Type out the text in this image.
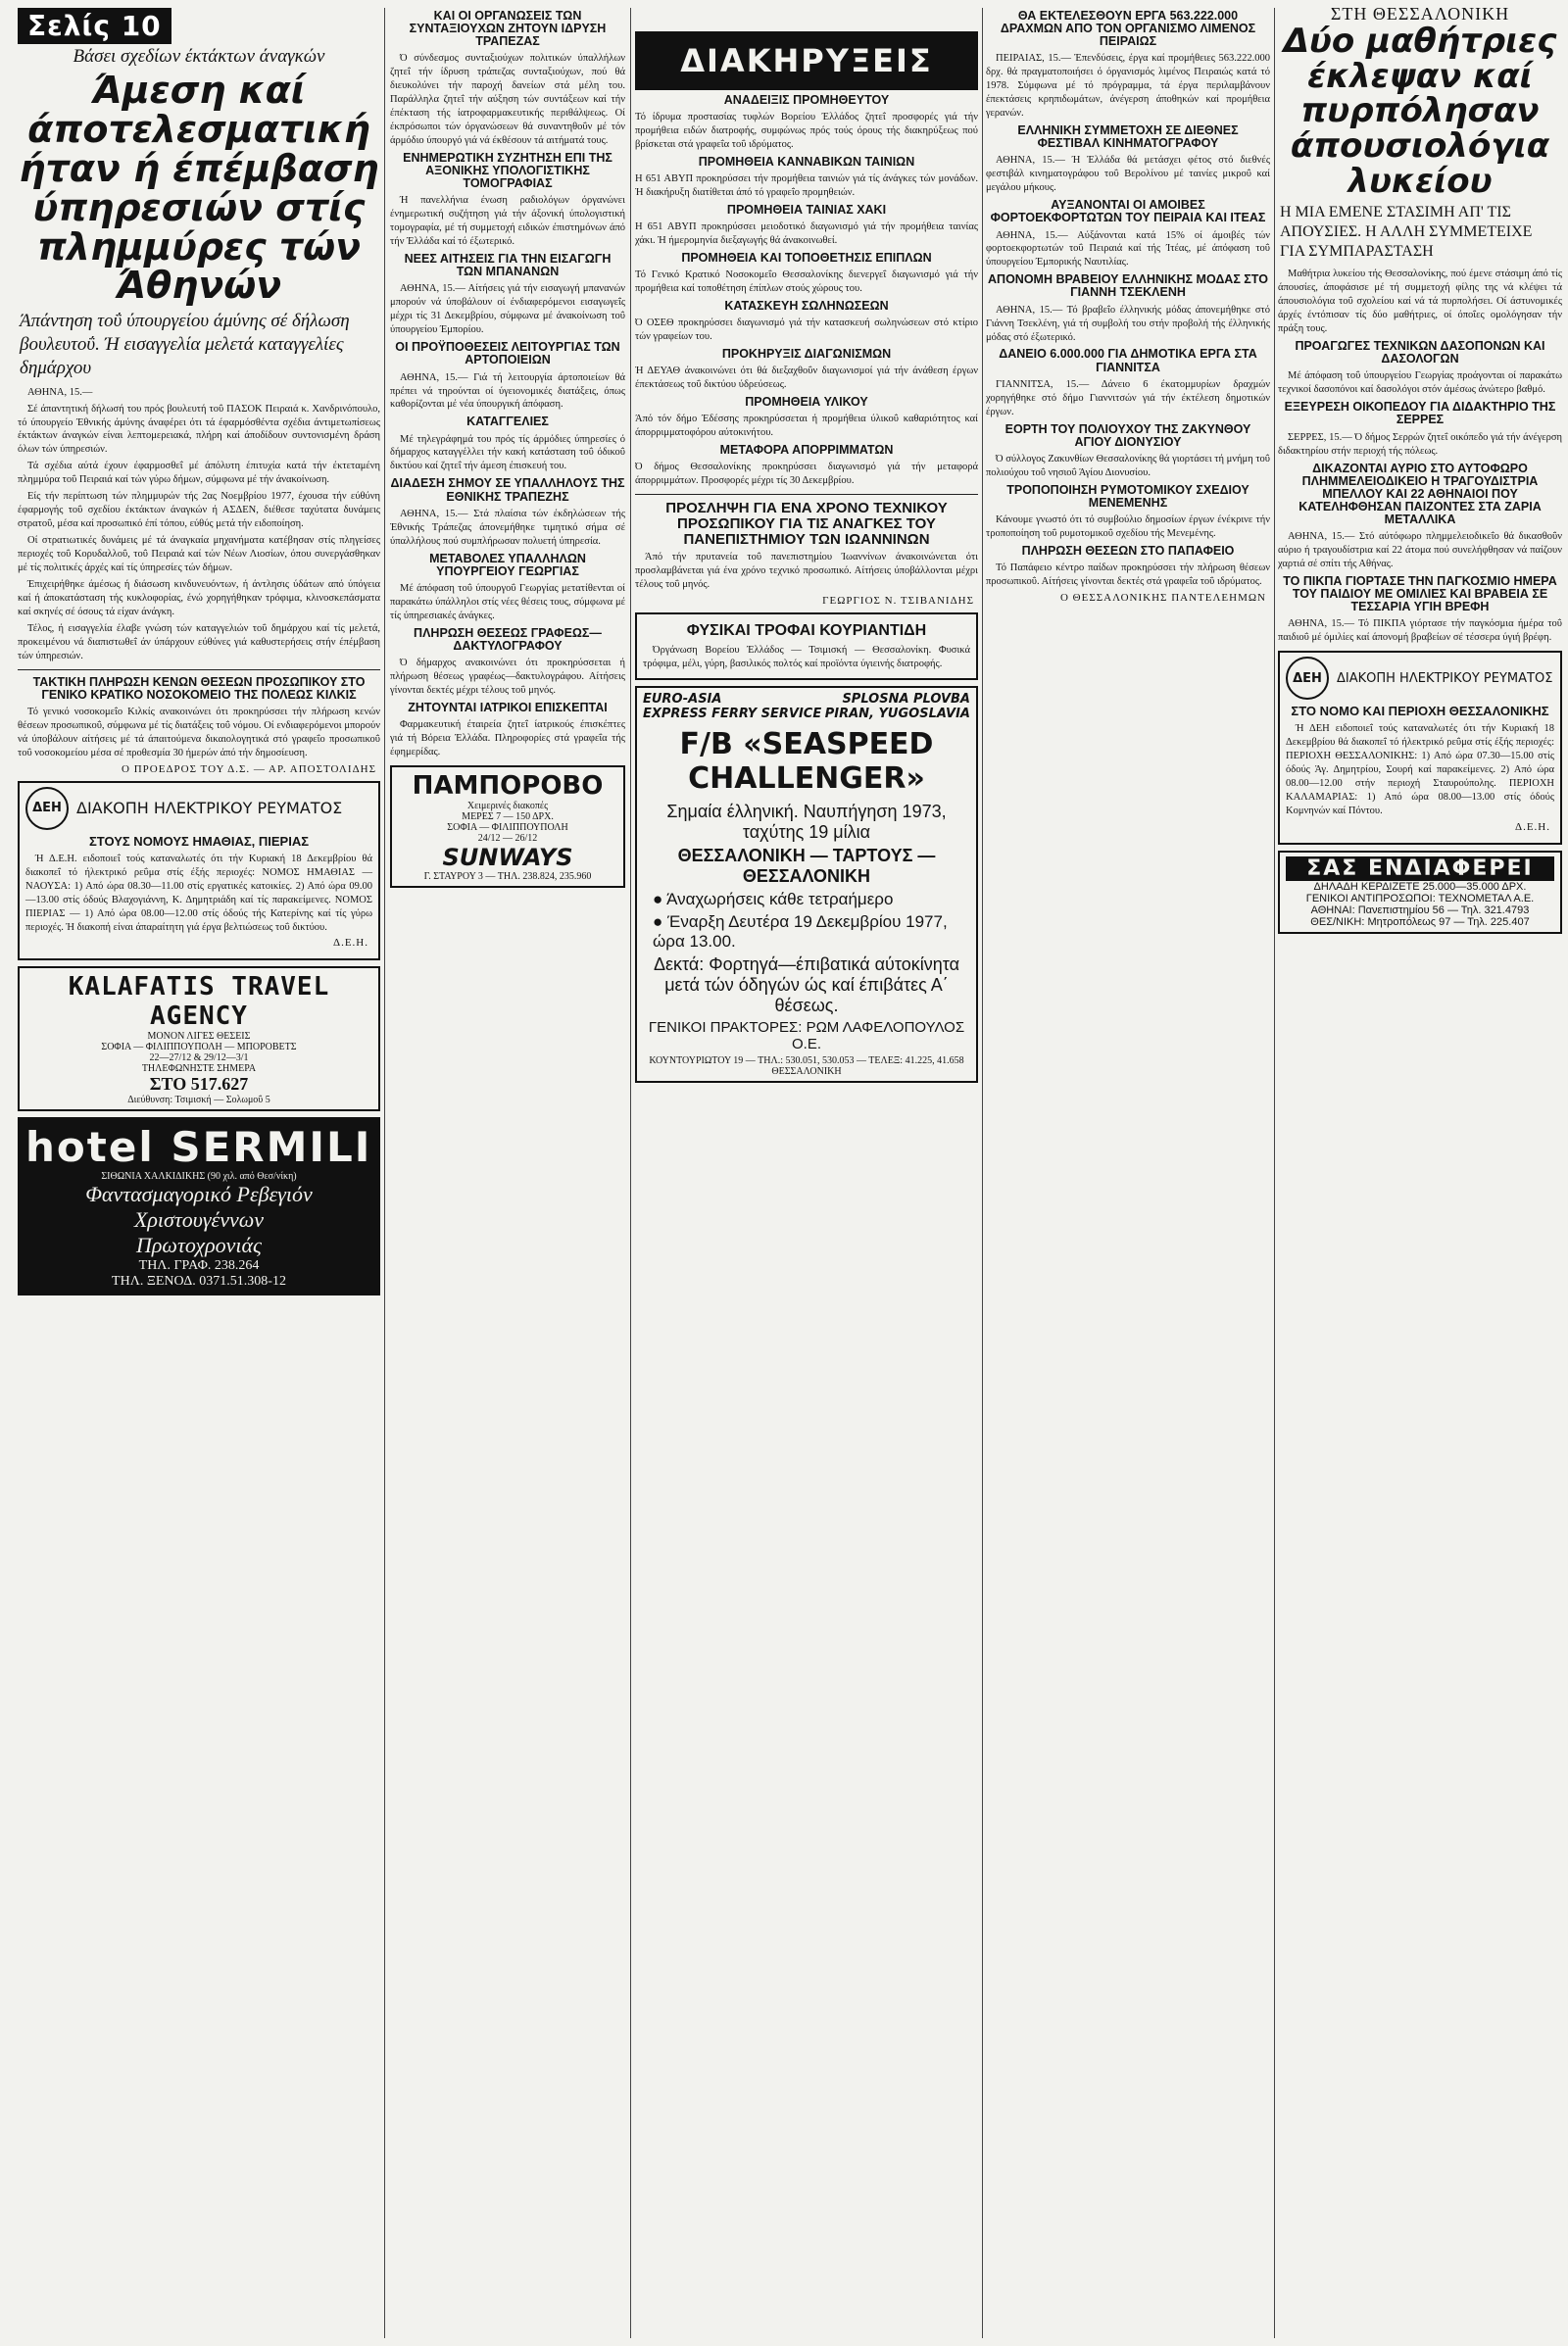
Σελίς 10
Βάσει σχεδίων έκτάκτων άναγκών
Άμεση καί άποτελεσματική ήταν ή έπέμβαση ύπηρεσιών στίς πλημμύρες τών Άθηνών
Άπάντηση τοΰ ύπουργείου άμύνης σέ δήλωση βουλευτοΰ. Ή εισαγγελία μελετά καταγγελίες δημάρχου

ΑΘΗΝΑ, 15.—

Σέ άπαντητική δήλωσή του πρός βουλευτή τοΰ ΠΑΣΟΚ Πειραιά κ. Χανδρινόπουλο, τό ύπουργείο Έθνικής άμύνης άναφέρει ότι τά έφαρμόσθέντα σχέδια άντιμετωπίσεως έκτάκτων άναγκών είναι λεπτομερειακά, πλήρη καί άποδίδουν συντονισμένη δράση όλων τών ύπηρεσιών.

Τά σχέδια αύτά έχουν έφαρμοσθεΐ μέ άπόλυτη έπιτυχία κατά τήν έκτεταμένη πλημμύρα τοΰ Πειραιά καί τών γύρω δήμων, σύμφωνα μέ τήν άνακοίνωση.

Είς τήν περίπτωση τών πλημμυρών τής 2ας Νοεμβρίου 1977, έχουσα τήν εύθύνη έφαρμογής τοΰ σχεδίου έκτάκτων άναγκών ή ΑΣΔΕΝ, διέθεσε ταχύτατα δυνάμεις στρατοΰ, μέσα καί προσωπικό έπί τόπου, εύθύς μετά τήν ειδοποίηση.

Οί στρατιωτικές δυνάμεις μέ τά άναγκαία μηχανήματα κατέβησαν στίς πληγείσες περιοχές τοΰ Κορυδαλλοΰ, τοΰ Πειραιά καί τών Νέων Λιοσίων, όπου συνεργάσθηκαν μέ τίς πολιτικές άρχές καί τίς ύπηρεσίες τών δήμων.

Έπιχειρήθηκε άμέσως ή διάσωση κινδυνευόντων, ή άντλησις ύδάτων από ύπόγεια καί ή άποκατάσταση τής κυκλοφορίας, ένώ χορηγήθηκαν τρόφιμα, κλινοσκεπάσματα καί σκηνές σέ όσους τά είχαν άνάγκη.

Τέλος, ή εισαγγελία έλαβε γνώση τών καταγγελιών τοΰ δημάρχου καί τίς μελετά, προκειμένου νά διαπιστωθεΐ άν ύπάρχουν εύθύνες γιά καθυστερήσεις στήν έπέμβαση τών ύπηρεσιών.

ΤΑΚΤΙΚΗ ΠΛΗΡΩΣΗ ΚΕΝΩΝ ΘΕΣΕΩΝ ΠΡΟΣΩΠΙΚΟΥ ΣΤΟ ΓΕΝΙΚΟ ΚΡΑΤΙΚΟ ΝΟΣΟΚΟΜΕΙΟ ΤΗΣ ΠΟΛΕΩΣ ΚΙΛΚΙΣ

Τό γενικό νοσοκομεΐο Κιλκίς ανακοινώνει ότι προκηρύσσει τήν πλήρωση κενών θέσεων προσωπικοΰ, σύμφωνα μέ τίς διατάξεις τοΰ νόμου. Οί ενδιαφερόμενοι μπορούν νά ύποβάλουν αίτήσεις μέ τά άπαιτούμενα δικαιολογητικά στό γραφεΐο προσωπικοΰ τοΰ νοσοκομείου μέσα σέ προθεσμία 30 ήμερών άπό τήν δημοσίευση.

Ο ΠΡΟΕΔΡΟΣ ΤΟΥ Δ.Σ. — ΑΡ. ΑΠΟΣΤΟΛΙΔΗΣ
ΔΕΗ ΔΙΑΚΟΠΗ ΗΛΕΚΤΡΙΚΟΥ ΡΕΥΜΑΤΟΣ
ΣΤΟΥΣ ΝΟΜΟΥΣ ΗΜΑΘΙΑΣ, ΠΙΕΡΙΑΣ

Ή Δ.Ε.Η. ειδοποιεΐ τούς καταναλωτές ότι τήν Κυριακή 18 Δεκεμβρίου θά διακοπεΐ τό ήλεκτρικό ρεΰμα στίς έξής περιοχές: ΝΟΜΟΣ ΗΜΑΘΙΑΣ — ΝΑΟΥΣΑ: 1) Από ώρα 08.30—11.00 στίς εργατικές κατοικίες. 2) Από ώρα 09.00—13.00 στίς όδούς Βλαχογιάννη, Κ. Δημητριάδη καί τίς παρακείμενες. ΝΟΜΟΣ ΠΙΕΡΙΑΣ — 1) Από ώρα 08.00—12.00 στίς όδούς τής Κατερίνης καί τίς γύρω περιοχές. Ή διακοπή είναι άπαραίτητη γιά έργα βελτιώσεως τοΰ δικτύου.

Δ.Ε.Η.
KALAFATIS TRAVEL AGENCY
ΜΟΝΟΝ ΛΙΓΕΣ ΘΕΣΕΙΣ
ΣΟΦΙΑ — ΦΙΛΙΠΠΟΥΠΟΛΗ — ΜΠΟΡΟΒΕΤΣ
22—27/12 & 29/12—3/1
ΤΗΛΕΦΩΝΗΣΤΕ ΣΗΜΕΡΑ
ΣΤΟ 517.627
Διεύθυνση: Τσιμισκή — Σολωμοΰ 5
hotel SERMILI
ΣΙΘΩΝΙΑ ΧΑΛΚΙΔΙΚΗΣ (90 χιλ. από Θεσ/νίκη)
Φαντασμαγορικό Ρεβεγιόν
Χριστουγέννων
Πρωτοχρονιάς
ΤΗΛ. ΓΡΑΦ. 238.264
ΤΗΛ. ΞΕΝΟΔ. 0371.51.308-12
ΚΑΙ ΟΙ ΟΡΓΑΝΩΣΕΙΣ ΤΩΝ ΣΥΝΤΑΞΙΟΥΧΩΝ ΖΗΤΟΥΝ ΙΔΡΥΣΗ ΤΡΑΠΕΖΑΣ

Ό σύνδεσμος συνταξιούχων πολιτικών ύπαλλήλων ζητεΐ τήν ίδρυση τράπεζας συνταξιούχων, πού θά διευκολύνει τήν παροχή δανείων στά μέλη του. Παράλληλα ζητεΐ τήν αύξηση τών συντάξεων καί τήν έπέκταση τής ίατροφαρμακευτικής περιθάλψεως. Οί έκπρόσωποι τών όργανώσεων θά συναντηθοΰν μέ τόν άρμόδιο ύπουργό γιά νά έκθέσουν τά αιτήματά τους.

ΕΝΗΜΕΡΩΤΙΚΗ ΣΥΖΗΤΗΣΗ ΕΠΙ ΤΗΣ ΑΞΟΝΙΚΗΣ ΥΠΟΛΟΓΙΣΤΙΚΗΣ ΤΟΜΟΓΡΑΦΙΑΣ

Ή πανελλήνια ένωση ραδιολόγων όργανώνει ένημερωτική συζήτηση γιά τήν άξονική ύπολογιστική τομογραφία, μέ τή συμμετοχή ειδικών έπιστημόνων άπό τήν Έλλάδα καί τό έξωτερικό.

ΝΕΕΣ ΑΙΤΗΣΕΙΣ ΓΙΑ ΤΗΝ ΕΙΣΑΓΩΓΗ ΤΩΝ ΜΠΑΝΑΝΩΝ

ΑΘΗΝΑ, 15.— Αίτήσεις γιά τήν εισαγωγή μπανανών μπορούν νά ύποβάλουν οί ένδιαφερόμενοι εισαγωγεΐς μέχρι τίς 31 Δεκεμβρίου, σύμφωνα μέ άνακοίνωση τοΰ ύπουργείου Έμπορίου.

ΟΙ ΠΡΟΫΠΟΘΕΣΕΙΣ ΛΕΙΤΟΥΡΓΙΑΣ ΤΩΝ ΑΡΤΟΠΟΙΕΙΩΝ

ΑΘΗΝΑ, 15.— Γιά τή λειτουργία άρτοποιείων θά πρέπει νά τηρούνται οί ύγειονομικές διατάξεις, όπως καθορίζονται μέ νέα ύπουργική άπόφαση.

ΚΑΤΑΓΓΕΛΙΕΣ

Μέ τηλεγράφημά του πρός τίς άρμόδιες ύπηρεσίες ό δήμαρχος καταγγέλλει τήν κακή κατάσταση τοΰ όδικοΰ δικτύου καί ζητεΐ τήν άμεση έπισκευή του.

ΔΙΑΔΕΣΗ ΣΗΜΟΥ ΣΕ ΥΠΑΛΛΗΛΟΥΣ ΤΗΣ ΕΘΝΙΚΗΣ ΤΡΑΠΕΖΗΣ

ΑΘΗΝΑ, 15.— Στά πλαίσια τών έκδηλώσεων τής Έθνικής Τράπεζας άπονεμήθηκε τιμητικό σήμα σέ ύπαλλήλους πού συμπλήρωσαν πολυετή ύπηρεσία.

ΜΕΤΑΒΟΛΕΣ ΥΠΑΛΛΗΛΩΝ ΥΠΟΥΡΓΕΙΟΥ ΓΕΩΡΓΙΑΣ

Μέ άπόφαση τοΰ ύπουργοΰ Γεωργίας μετατίθενται οί παρακάτω ύπάλληλοι στίς νέες θέσεις τους, σύμφωνα μέ τίς ύπηρεσιακές άνάγκες.

ΠΛΗΡΩΣΗ ΘΕΣΕΩΣ ΓΡΑΦΕΩΣ—ΔΑΚΤΥΛΟΓΡΑΦΟΥ

Ό δήμαρχος ανακοινώνει ότι προκηρύσσεται ή πλήρωση θέσεως γραφέως—δακτυλογράφου. Αίτήσεις γίνονται δεκτές μέχρι τέλους τοΰ μηνός.

ΖΗΤΟΥΝΤΑΙ ΙΑΤΡΙΚΟΙ ΕΠΙΣΚΕΠΤΑΙ

Φαρμακευτική έταιρεία ζητεΐ ίατρικούς έπισκέπτες γιά τή Βόρεια Έλλάδα. Πληροφορίες στά γραφεΐα τής έφημερίδας.

ΠΑΜΠΟΡΟΒΟ
Χειμερινές διακοπές
ΜΕΡΕΣ 7 — 150 ΔΡΧ.
ΣΟΦΙΑ — ΦΙΛΙΠΠΟΥΠΟΛΗ
24/12 — 26/12
SUNWAYS
Γ. ΣΤΑΥΡΟΥ 3 — ΤΗΛ. 238.824, 235.960
ΔΙΑΚΗΡΥΞΕΙΣ
ΑΝΑΔΕΙΞΙΣ ΠΡΟΜΗΘΕΥΤΟΥ
Τό ίδρυμα προστασίας τυφλών Βορείου Έλλάδος ζητεΐ προσφορές γιά τήν προμήθεια ειδών διατροφής, συμφώνως πρός τούς όρους τής διακηρύξεως πού βρίσκεται στά γραφεΐα τοΰ ιδρύματος.
ΠΡΟΜΗΘΕΙΑ ΚΑΝΝΑΒΙΚΩΝ ΤΑΙΝΙΩΝ
Η 651 ΑΒΥΠ προκηρύσσει τήν προμήθεια ταινιών γιά τίς άνάγκες τών μονάδων. Ή διακήρυξη διατίθεται άπό τό γραφεΐο προμηθειών.
ΠΡΟΜΗΘΕΙΑ ΤΑΙΝΙΑΣ ΧΑΚΙ
Η 651 ΑΒΥΠ προκηρύσσει μειοδοτικό διαγωνισμό γιά τήν προμήθεια ταινίας χάκι. Ή ήμερομηνία διεξαγωγής θά άνακοινωθεί.
ΠΡΟΜΗΘΕΙΑ ΚΑΙ ΤΟΠΟΘΕΤΗΣΙΣ ΕΠΙΠΛΩΝ
Τό Γενικό Κρατικό Νοσοκομεΐο Θεσσαλονίκης διενεργεΐ διαγωνισμό γιά τήν προμήθεια καί τοποθέτηση έπίπλων στούς χώρους του.
ΚΑΤΑΣΚΕΥΗ ΣΩΛΗΝΩΣΕΩΝ
Ό ΟΣΕΘ προκηρύσσει διαγωνισμό γιά τήν κατασκευή σωληνώσεων στό κτίριο τών γραφείων του.
ΠΡΟΚΗΡΥΞΙΣ ΔΙΑΓΩΝΙΣΜΩΝ
Ή ΔΕΥΑΘ άνακοινώνει ότι θά διεξαχθοΰν διαγωνισμοί γιά τήν άνάθεση έργων έπεκτάσεως τοΰ δικτύου ύδρεύσεως.
ΠΡΟΜΗΘΕΙΑ ΥΛΙΚΟΥ
Άπό τόν δήμο Έδέσσης προκηρύσσεται ή προμήθεια ύλικοΰ καθαριότητος καί άπορριμματοφόρου αύτοκινήτου.
ΜΕΤΑΦΟΡΑ ΑΠΟΡΡΙΜΜΑΤΩΝ
Ό δήμος Θεσσαλονίκης προκηρύσσει διαγωνισμό γιά τήν μεταφορά άπορριμμάτων. Προσφορές μέχρι τίς 30 Δεκεμβρίου.
ΠΡΟΣΛΗΨΗ ΓΙΑ ΕΝΑ ΧΡΟΝΟ ΤΕΧΝΙΚΟΥ ΠΡΟΣΩΠΙΚΟΥ ΓΙΑ ΤΙΣ ΑΝΑΓΚΕΣ ΤΟΥ ΠΑΝΕΠΙΣΤΗΜΙΟΥ ΤΩΝ ΙΩΑΝΝΙΝΩΝ

Άπό τήν πρυτανεία τοΰ πανεπιστημίου Ίωαννίνων άνακοινώνεται ότι προσλαμβάνεται γιά ένα χρόνο τεχνικό προσωπικό. Αίτήσεις ύποβάλλονται μέχρι τέλους τοΰ μηνός.

ΓΕΩΡΓΙΟΣ Ν. ΤΣΙΒΑΝΙΔΗΣ
ΦΥΣΙΚΑΙ ΤΡΟΦΑΙ ΚΟΥΡΙΑΝΤΙΔΗ

Όργάνωση Βορείου Έλλάδος — Τσιμισκή — Θεσσαλονίκη. Φυσικά τρόφιμα, μέλι, γύρη, βασιλικός πολτός καί προϊόντα ύγιεινής διατροφής.

EURO-ASIA	SPLOSNA PLOVBA
EXPRESS FERRY SERVICE PIRAN, YUGOSLAVIA
F/B «SEASPEED CHALLENGER»
Σημαία έλληνική. Ναυπήγηση 1973, ταχύτης 19 μίλια
ΘΕΣΣΑΛΟΝΙΚΗ — ΤΑΡΤΟΥΣ — ΘΕΣΣΑΛΟΝΙΚΗ
● Άναχωρήσεις κάθε τετραήμερο
● Έναρξη Δευτέρα 19 Δεκεμβρίου 1977, ώρα 13.00.
Δεκτά: Φορτηγά—έπιβατικά αύτοκίνητα μετά τών όδηγών ώς καί έπιβάτες Α΄ θέσεως.
ΓΕΝΙΚΟΙ ΠΡΑΚΤΟΡΕΣ: ΡΩΜ ΛΑΦΕΛΟΠΟΥΛΟΣ Ο.Ε.
ΚΟΥΝΤΟΥΡΙΩΤΟΥ 19 — ΤΗΛ.: 530.051, 530.053 — ΤΕΛΕΞ: 41.225, 41.658 ΘΕΣΣΑΛΟΝΙΚΗ
ΘΑ ΕΚΤΕΛΕΣΘΟΥΝ ΕΡΓΑ 563.222.000 ΔΡΑΧΜΩΝ ΑΠΟ ΤΟΝ ΟΡΓΑΝΙΣΜΟ ΛΙΜΕΝΟΣ ΠΕΙΡΑΙΩΣ

ΠΕΙΡΑΙΑΣ, 15.— Έπενδύσεις, έργα καί προμήθειες 563.222.000 δρχ. θά πραγματοποιήσει ό όργανισμός λιμένος Πειραιώς κατά τό 1978. Σύμφωνα μέ τό πρόγραμμα, τά έργα περιλαμβάνουν έπεκτάσεις κρηπιδωμάτων, άνέγερση άποθηκών καί προμήθεια γερανών.

ΕΛΛΗΝΙΚΗ ΣΥΜΜΕΤΟΧΗ ΣΕ ΔΙΕΘΝΕΣ ΦΕΣΤΙΒΑΛ ΚΙΝΗΜΑΤΟΓΡΑΦΟΥ

ΑΘΗΝΑ, 15.— Ή Έλλάδα θά μετάσχει φέτος στό διεθνές φεστιβάλ κινηματογράφου τοΰ Βερολίνου μέ ταινίες μικροΰ καί μεγάλου μήκους.

ΑΥΞΑΝΟΝΤΑΙ ΟΙ ΑΜΟΙΒΕΣ ΦΟΡΤΟΕΚΦΟΡΤΩΤΩΝ ΤΟΥ ΠΕΙΡΑΙΑ ΚΑΙ ΙΤΕΑΣ

ΑΘΗΝΑ, 15.— Αύξάνονται κατά 15% οί άμοιβές τών φορτοεκφορτωτών τοΰ Πειραιά καί τής Ίτέας, μέ άπόφαση τοΰ ύπουργείου Έμπορικής Ναυτιλίας.

ΑΠΟΝΟΜΗ ΒΡΑΒΕΙΟΥ ΕΛΛΗΝΙΚΗΣ ΜΟΔΑΣ ΣΤΟ ΓΙΑΝΝΗ ΤΣΕΚΛΕΝΗ

ΑΘΗΝΑ, 15.— Τό βραβεΐο έλληνικής μόδας άπονεμήθηκε στό Γιάννη Τσεκλένη, γιά τή συμβολή του στήν προβολή τής έλληνικής μόδας στό έξωτερικό.

ΔΑΝΕΙΟ 6.000.000 ΓΙΑ ΔΗΜΟΤΙΚΑ ΕΡΓΑ ΣΤΑ ΓΙΑΝΝΙΤΣΑ

ΓΙΑΝΝΙΤΣΑ, 15.— Δάνειο 6 έκατομμυρίων δραχμών χορηγήθηκε στό δήμο Γιαννιτσών γιά τήν έκτέλεση δημοτικών έργων.

ΕΟΡΤΗ ΤΟΥ ΠΟΛΙΟΥΧΟΥ ΤΗΣ ΖΑΚΥΝΘΟΥ ΑΓΙΟΥ ΔΙΟΝΥΣΙΟΥ

Ό σύλλογος Ζακυνθίων Θεσσαλονίκης θά γιορτάσει τή μνήμη τοΰ πολιούχου τοΰ νησιοΰ Άγίου Διονυσίου.

ΤΡΟΠΟΠΟΙΗΣΗ ΡΥΜΟΤΟΜΙΚΟΥ ΣΧΕΔΙΟΥ ΜΕΝΕΜΕΝΗΣ

Κάνουμε γνωστό ότι τό συμβούλιο δημοσίων έργων ένέκρινε τήν τροποποίηση τοΰ ρυμοτομικοΰ σχεδίου τής Μενεμένης.

ΠΛΗΡΩΣΗ ΘΕΣΕΩΝ ΣΤΟ ΠΑΠΑΦΕΙΟ

Τό Παπάφειο κέντρο παίδων προκηρύσσει τήν πλήρωση θέσεων προσωπικοΰ. Αίτήσεις γίνονται δεκτές στά γραφεΐα τοΰ ιδρύματος.

Ο ΘΕΣΣΑΛΟΝΙΚΗΣ ΠΑΝΤΕΛΕΗΜΩΝ
ΣΤΗ ΘΕΣΣΑΛΟΝΙΚΗ
Δύο μαθήτριες έκλεψαν καί πυρπόλησαν άπουσιολόγια λυκείου
Η ΜΙΑ ΕΜΕΝΕ ΣΤΑΣΙΜΗ ΑΠ' ΤΙΣ ΑΠΟΥΣΙΕΣ. Η ΑΛΛΗ ΣΥΜΜΕΤΕΙΧΕ ΓΙΑ ΣΥΜΠΑΡΑΣΤΑΣΗ

Μαθήτρια λυκείου τής Θεσσαλονίκης, πού έμενε στάσιμη άπό τίς άπουσίες, άποφάσισε μέ τή συμμετοχή φίλης της νά κλέψει τά άπουσιολόγια τοΰ σχολείου καί νά τά πυρπολήσει. Οί άστυνομικές άρχές έντόπισαν τίς δύο μαθήτριες, οί όποΐες ομολόγησαν τήν πράξη τους.

ΠΡΟΑΓΩΓΕΣ ΤΕΧΝΙΚΩΝ ΔΑΣΟΠΟΝΩΝ ΚΑΙ ΔΑΣΟΛΟΓΩΝ

Μέ άπόφαση τοΰ ύπουργείου Γεωργίας προάγονται οί παρακάτω τεχνικοί δασοπόνοι καί δασολόγοι στόν άμέσως άνώτερο βαθμό.

ΕΞΕΥΡΕΣΗ ΟΙΚΟΠΕΔΟΥ ΓΙΑ ΔΙΔΑΚΤΗΡΙΟ ΤΗΣ ΣΕΡΡΕΣ

ΣΕΡΡΕΣ, 15.— Ό δήμος Σερρών ζητεΐ οικόπεδο γιά τήν άνέγερση διδακτηρίου στήν περιοχή τής πόλεως.

ΔΙΚΑΖΟΝΤΑΙ ΑΥΡΙΟ ΣΤΟ ΑΥΤΟΦΩΡΟ ΠΛΗΜΜΕΛΕΙΟΔΙΚΕΙΟ Η ΤΡΑΓΟΥΔΙΣΤΡΙΑ ΜΠΕΛΛΟΥ ΚΑΙ 22 ΑΘΗΝΑΙΟΙ ΠΟΥ ΚΑΤΕΛΗΦΘΗΣΑΝ ΠΑΙΖΟΝΤΕΣ ΣΤΑ ΖΑΡΙΑ ΜΕΤΑΛΛΙΚΑ

ΑΘΗΝΑ, 15.— Στό αύτόφωρο πλημμελειοδικεΐο θά δικασθοΰν αύριο ή τραγουδίστρια καί 22 άτομα πού συνελήφθησαν νά παίζουν χαρτιά σέ σπίτι τής Αθήνας.

ΤΟ ΠΙΚΠΑ ΓΙΟΡΤΑΣΕ ΤΗΝ ΠΑΓΚΟΣΜΙΟ ΗΜΕΡΑ ΤΟΥ ΠΑΙΔΙΟΥ ΜΕ ΟΜΙΛΙΕΣ ΚΑΙ ΒΡΑΒΕΙΑ ΣΕ ΤΕΣΣΑΡΙΑ ΥΓΙΗ ΒΡΕΦΗ

ΑΘΗΝΑ, 15.— Τό ΠΙΚΠΑ γιόρτασε τήν παγκόσμια ήμέρα τοΰ παιδιοΰ μέ όμιλίες καί άπονομή βραβείων σέ τέσσερα ύγιή βρέφη.

ΔΕΗ	ΔΙΑΚΟΠΗ ΗΛΕΚΤΡΙΚΟΥ ΡΕΥΜΑΤΟΣ
ΣΤΟ ΝΟΜΟ ΚΑΙ ΠΕΡΙΟΧΗ ΘΕΣΣΑΛΟΝΙΚΗΣ

Ή ΔΕΗ ειδοποιεΐ τούς καταναλωτές ότι τήν Κυριακή 18 Δεκεμβρίου θά διακοπεΐ τό ήλεκτρικό ρεΰμα στίς έξής περιοχές: ΠΕΡΙΟΧΗ ΘΕΣΣΑΛΟΝΙΚΗΣ: 1) Από ώρα 07.30—15.00 στίς όδούς Άγ. Δημητρίου, Σουρή καί παρακείμενες. 2) Από ώρα 08.00—12.00 στήν περιοχή Σταυρούπολης. ΠΕΡΙΟΧΗ ΚΑΛΑΜΑΡΙΑΣ: 1) Από ώρα 08.00—13.00 στίς όδούς Κομνηνών καί Πόντου.

Δ.Ε.Η.
ΣΑΣ ΕΝΔΙΑΦΕΡΕΙ
ΔΗΛΑΔΗ ΚΕΡΔΙΖΕΤΕ 25.000—35.000 ΔΡΧ.
ΓΕΝΙΚΟΙ ΑΝΤΙΠΡΟΣΩΠΟΙ: ΤΕΧΝΟΜΕΤΑΛ Α.Ε.
ΑΘΗΝΑΙ: Πανεπιστημίου 56 — Τηλ. 321.4793
ΘΕΣ/ΝΙΚΗ: Μητροπόλεως 97 — Τηλ. 225.407
